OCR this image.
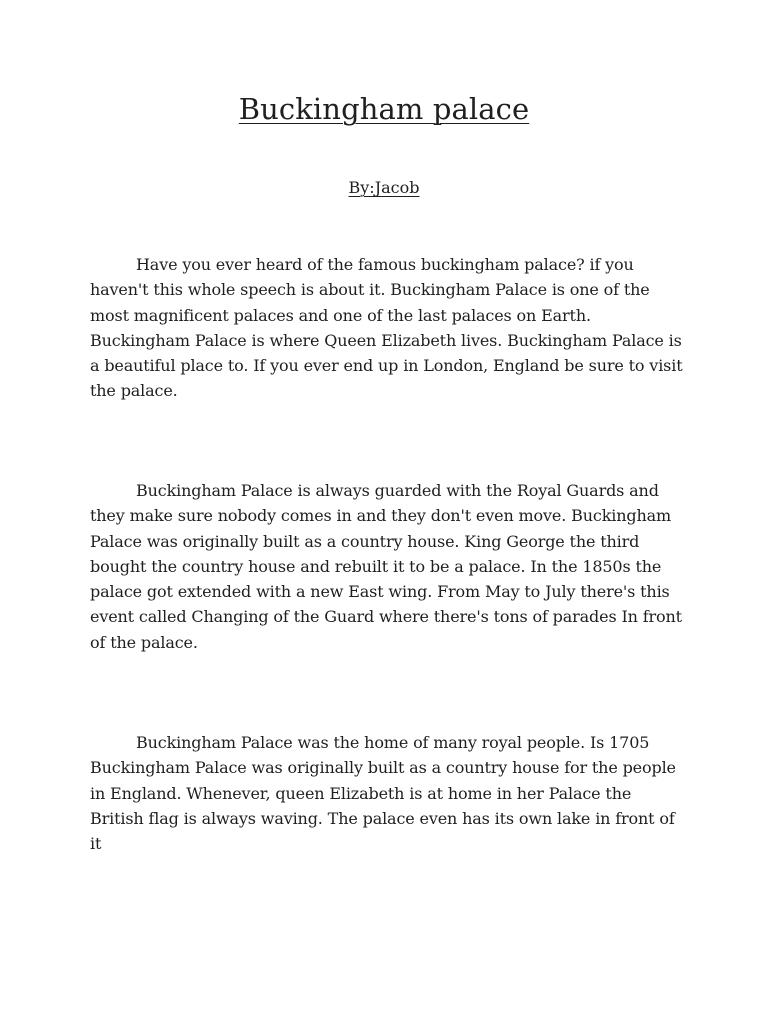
Buckingham palace
By:Jacob

Have you ever heard of the famous buckingham palace? if you haven't this whole speech is about it. Buckingham Palace is one of the most magnificent palaces and one of the last palaces on Earth. Buckingham Palace is where Queen Elizabeth lives. Buckingham Palace is a beautiful place to. If you ever end up in London, England be sure to visit the palace.

Buckingham Palace is always guarded with the Royal Guards and they make sure nobody comes in and they don't even move. Buckingham Palace was originally built as a country house. King George the third bought the country house and rebuilt it to be a palace. In the 1850s the palace got extended with a new East wing. From May to July there's this event called Changing of the Guard where there's tons of parades In front of the palace.

Buckingham Palace was the home of many royal people. Is 1705 Buckingham Palace was originally built as a country house for the people in England. Whenever, queen Elizabeth is at home in her Palace the British flag is always waving. The palace even has its own lake in front of it
